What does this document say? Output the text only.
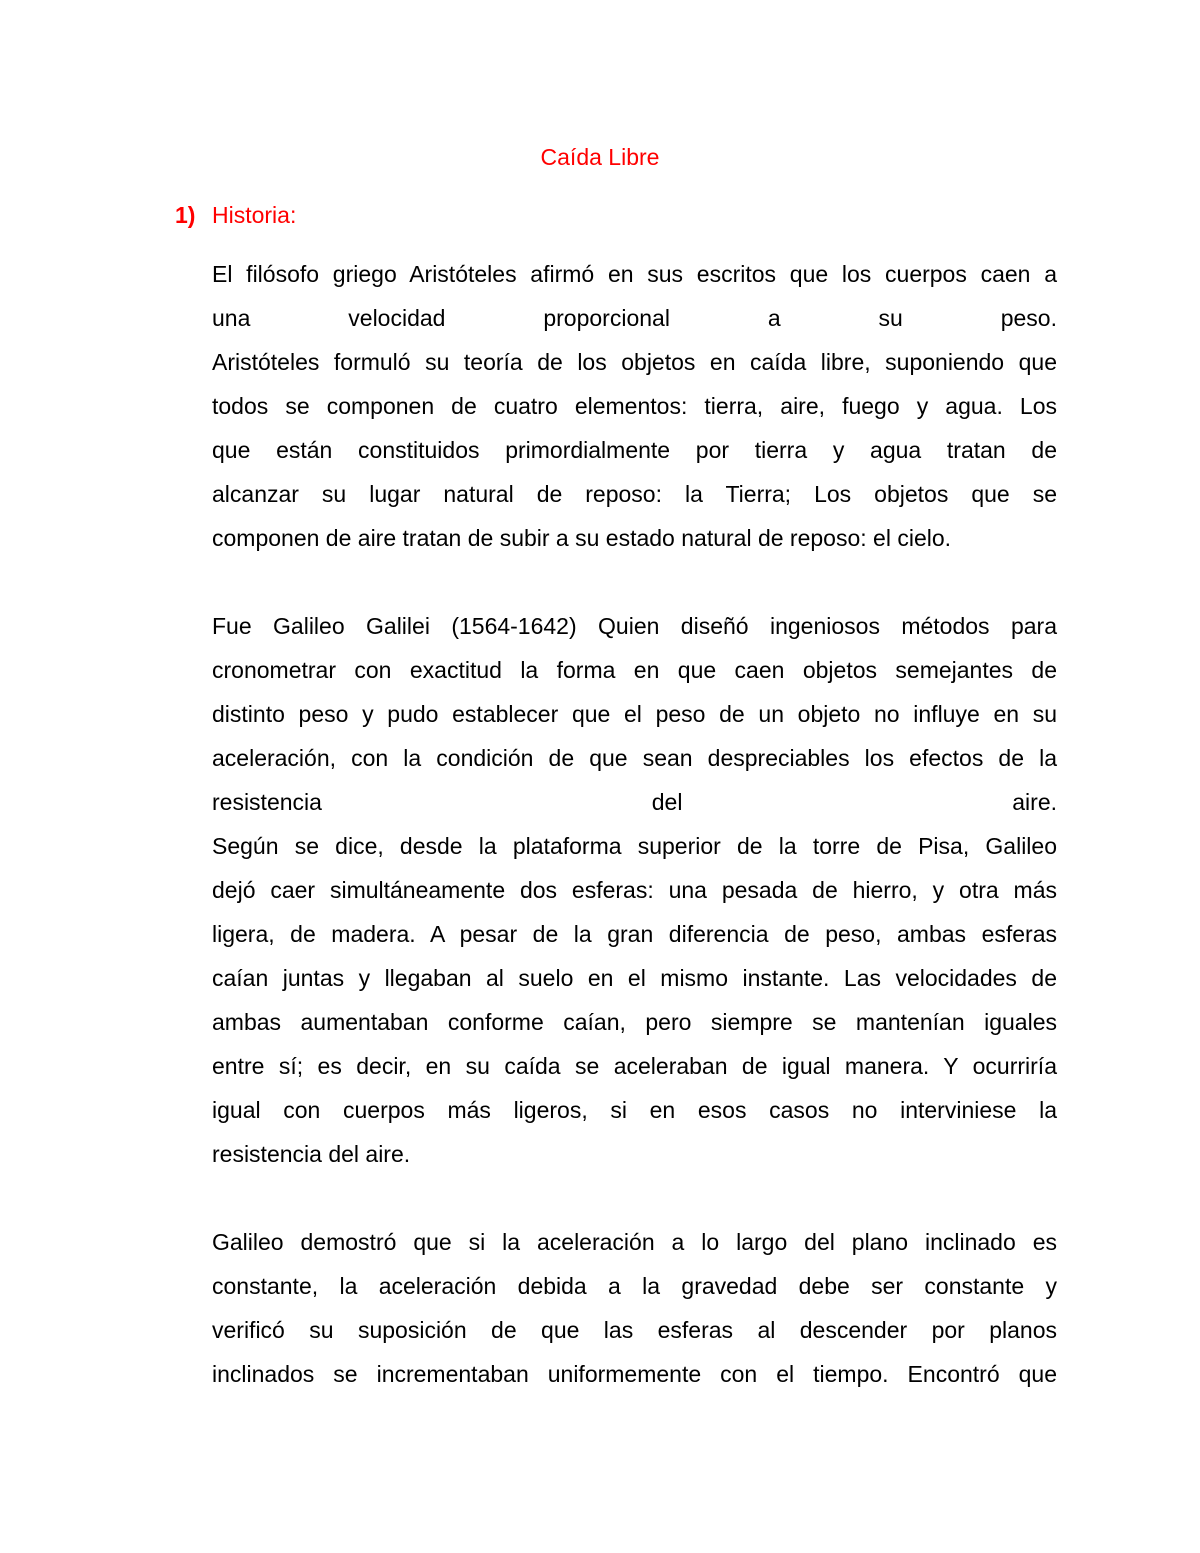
Caída Libre
1) Historia:
El filósofo griego Aristóteles afirmó en sus escritos que los cuerpos caen a
una velocidad proporcional a su peso.
Aristóteles formuló su teoría de los objetos en caída libre, suponiendo que
todos se componen de cuatro elementos: tierra, aire, fuego y agua. Los
que están constituidos primordialmente por tierra y agua tratan de
alcanzar su lugar natural de reposo: la Tierra; Los objetos que se
componen de aire tratan de subir a su estado natural de reposo: el cielo.
Fue Galileo Galilei (1564-1642) Quien diseñó ingeniosos métodos para
cronometrar con exactitud la forma en que caen objetos semejantes de
distinto peso y pudo establecer que el peso de un objeto no influye en su
aceleración, con la condición de que sean despreciables los efectos de la
resistencia del aire.
Según se dice, desde la plataforma superior de la torre de Pisa, Galileo
dejó caer simultáneamente dos esferas: una pesada de hierro, y otra más
ligera, de madera. A pesar de la gran diferencia de peso, ambas esferas
caían juntas y llegaban al suelo en el mismo instante. Las velocidades de
ambas aumentaban conforme caían, pero siempre se mantenían iguales
entre sí; es decir, en su caída se aceleraban de igual manera. Y ocurriría
igual con cuerpos más ligeros, si en esos casos no interviniese la
resistencia del aire.
Galileo demostró que si la aceleración a lo largo del plano inclinado es
constante, la aceleración debida a la gravedad debe ser constante y
verificó su suposición de que las esferas al descender por planos
inclinados se incrementaban uniformemente con el tiempo. Encontró que
